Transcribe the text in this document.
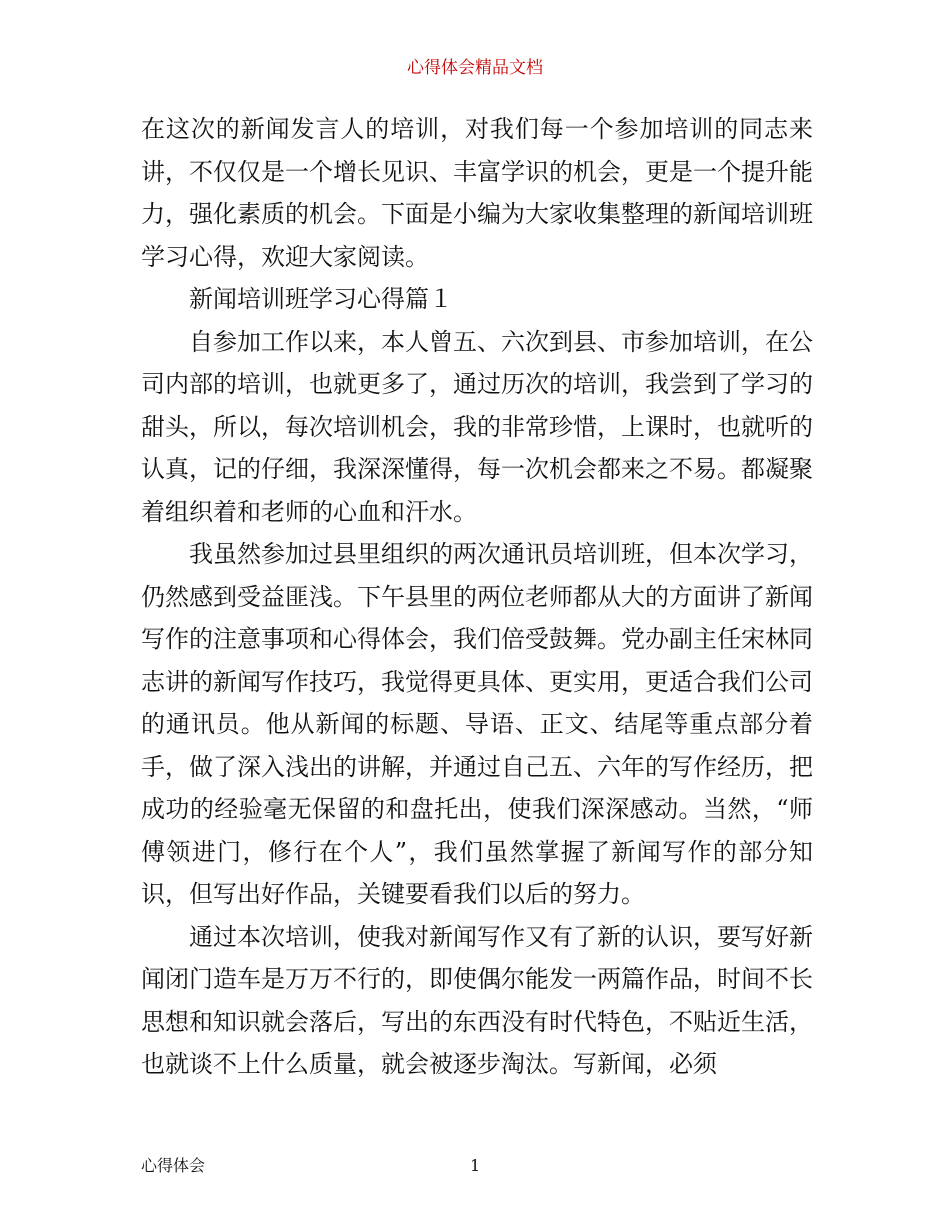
心得体会精品文档

在这次的新闻发言人的培训，对我们每一个参加培训的同志来讲，不仅仅是一个增长见识、丰富学识的机会，更是一个提升能力，强化素质的机会。下面是小编为大家收集整理的新闻培训班学习心得，欢迎大家阅读。

新闻培训班学习心得篇１

自参加工作以来，本人曾五、六次到县、市参加培训，在公司内部的培训，也就更多了，通过历次的培训，我尝到了学习的甜头，所以，每次培训机会，我的非常珍惜，上课时，也就听的认真，记的仔细，我深深懂得，每一次机会都来之不易。都凝聚着组织着和老师的心血和汗水。

我虽然参加过县里组织的两次通讯员培训班，但本次学习，仍然感到受益匪浅。下午县里的两位老师都从大的方面讲了新闻写作的注意事项和心得体会，我们倍受鼓舞。党办副主任宋林同志讲的新闻写作技巧，我觉得更具体、更实用，更适合我们公司的通讯员。他从新闻的标题、导语、正文、结尾等重点部分着手，做了深入浅出的讲解，并通过自己五、六年的写作经历，把成功的经验毫无保留的和盘托出，使我们深深感动。当然，“师傅领进门，修行在个人”，我们虽然掌握了新闻写作的部分知识，但写出好作品，关键要看我们以后的努力。

通过本次培训，使我对新闻写作又有了新的认识，要写好新闻闭门造车是万万不行的，即使偶尔能发一两篇作品，时间不长思想和知识就会落后，写出的东西没有时代特色，不贴近生活，也就谈不上什么质量，就会被逐步淘汰。写新闻，必须

心得体会	1
